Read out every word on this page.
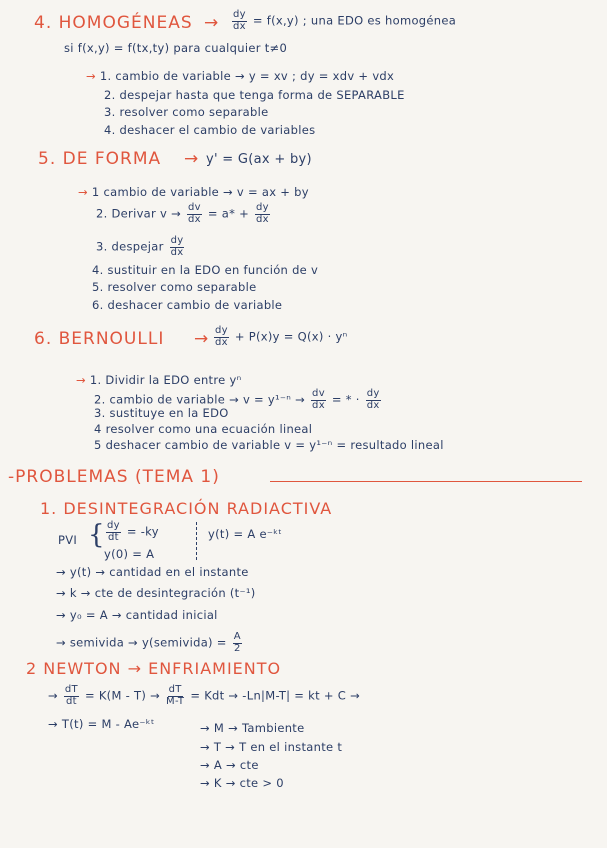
4. HOMOGÉNEAS → $\frac{dy}{dx} = f(x,y)$ ; una EDO es homogénea
si f(x,y) = f(tx,ty) para cualquier t≠0
→ 1. cambio de variable → y = xv ; dy = xdv + vdx
2. despejar hasta que tenga forma de SEPARABLE
3. resolver como separable
4. deshacer el cambio de variables
5. DE FORMA → y' = G(ax + by)
→ 1 cambio de variable → v = ax + by
2. Derivar $v \to \frac{dv}{dx} = a* + \frac{dy}{dx}$
3. despejar $\frac{dy}{dx}$
4. sustituir en la EDO en función de v
5. resolver como separable
6. deshacer cambio de variable
6. BERNOULLI → $\frac{dy}{dx} + P(x)y = Q(x) \cdot y^n$
→ 1. Dividir la EDO entre yⁿ
2. cambio de variable → $v = y^{1-n} \to \frac{dv}{dx}$ = * · $\frac{dy}{dx}$
3. sustituye en la EDO
4 resolver como una ecuación lineal
5 deshacer cambio de variable v = y¹⁻ⁿ = resultado lineal
-PROBLEMAS (TEMA 1)
1. DESINTEGRACIÓN RADIACTIVA
PVI { $\frac{dy}{dt} = -ky$
y(0) = A
y(t) = A e⁻ᵏᵗ
→ y(t) → cantidad en el instante
→ k → cte de desintegración (t⁻¹)
→ y₀ = A → cantidad inicial
→ semivida → y(semivida) = $\frac{A}{2}$
2 NEWTON → ENFRIAMIENTO
→ $\frac{dT}{dt} = K(M - T) \to \frac{dT}{M-T}$ = Kdt → -Ln|M-T| = kt + C →
→ T(t) = M - Ae⁻ᵏᵗ	→ M → Tambiente
→ T → T en el instante t
→ A → cte
→ K → cte > 0
